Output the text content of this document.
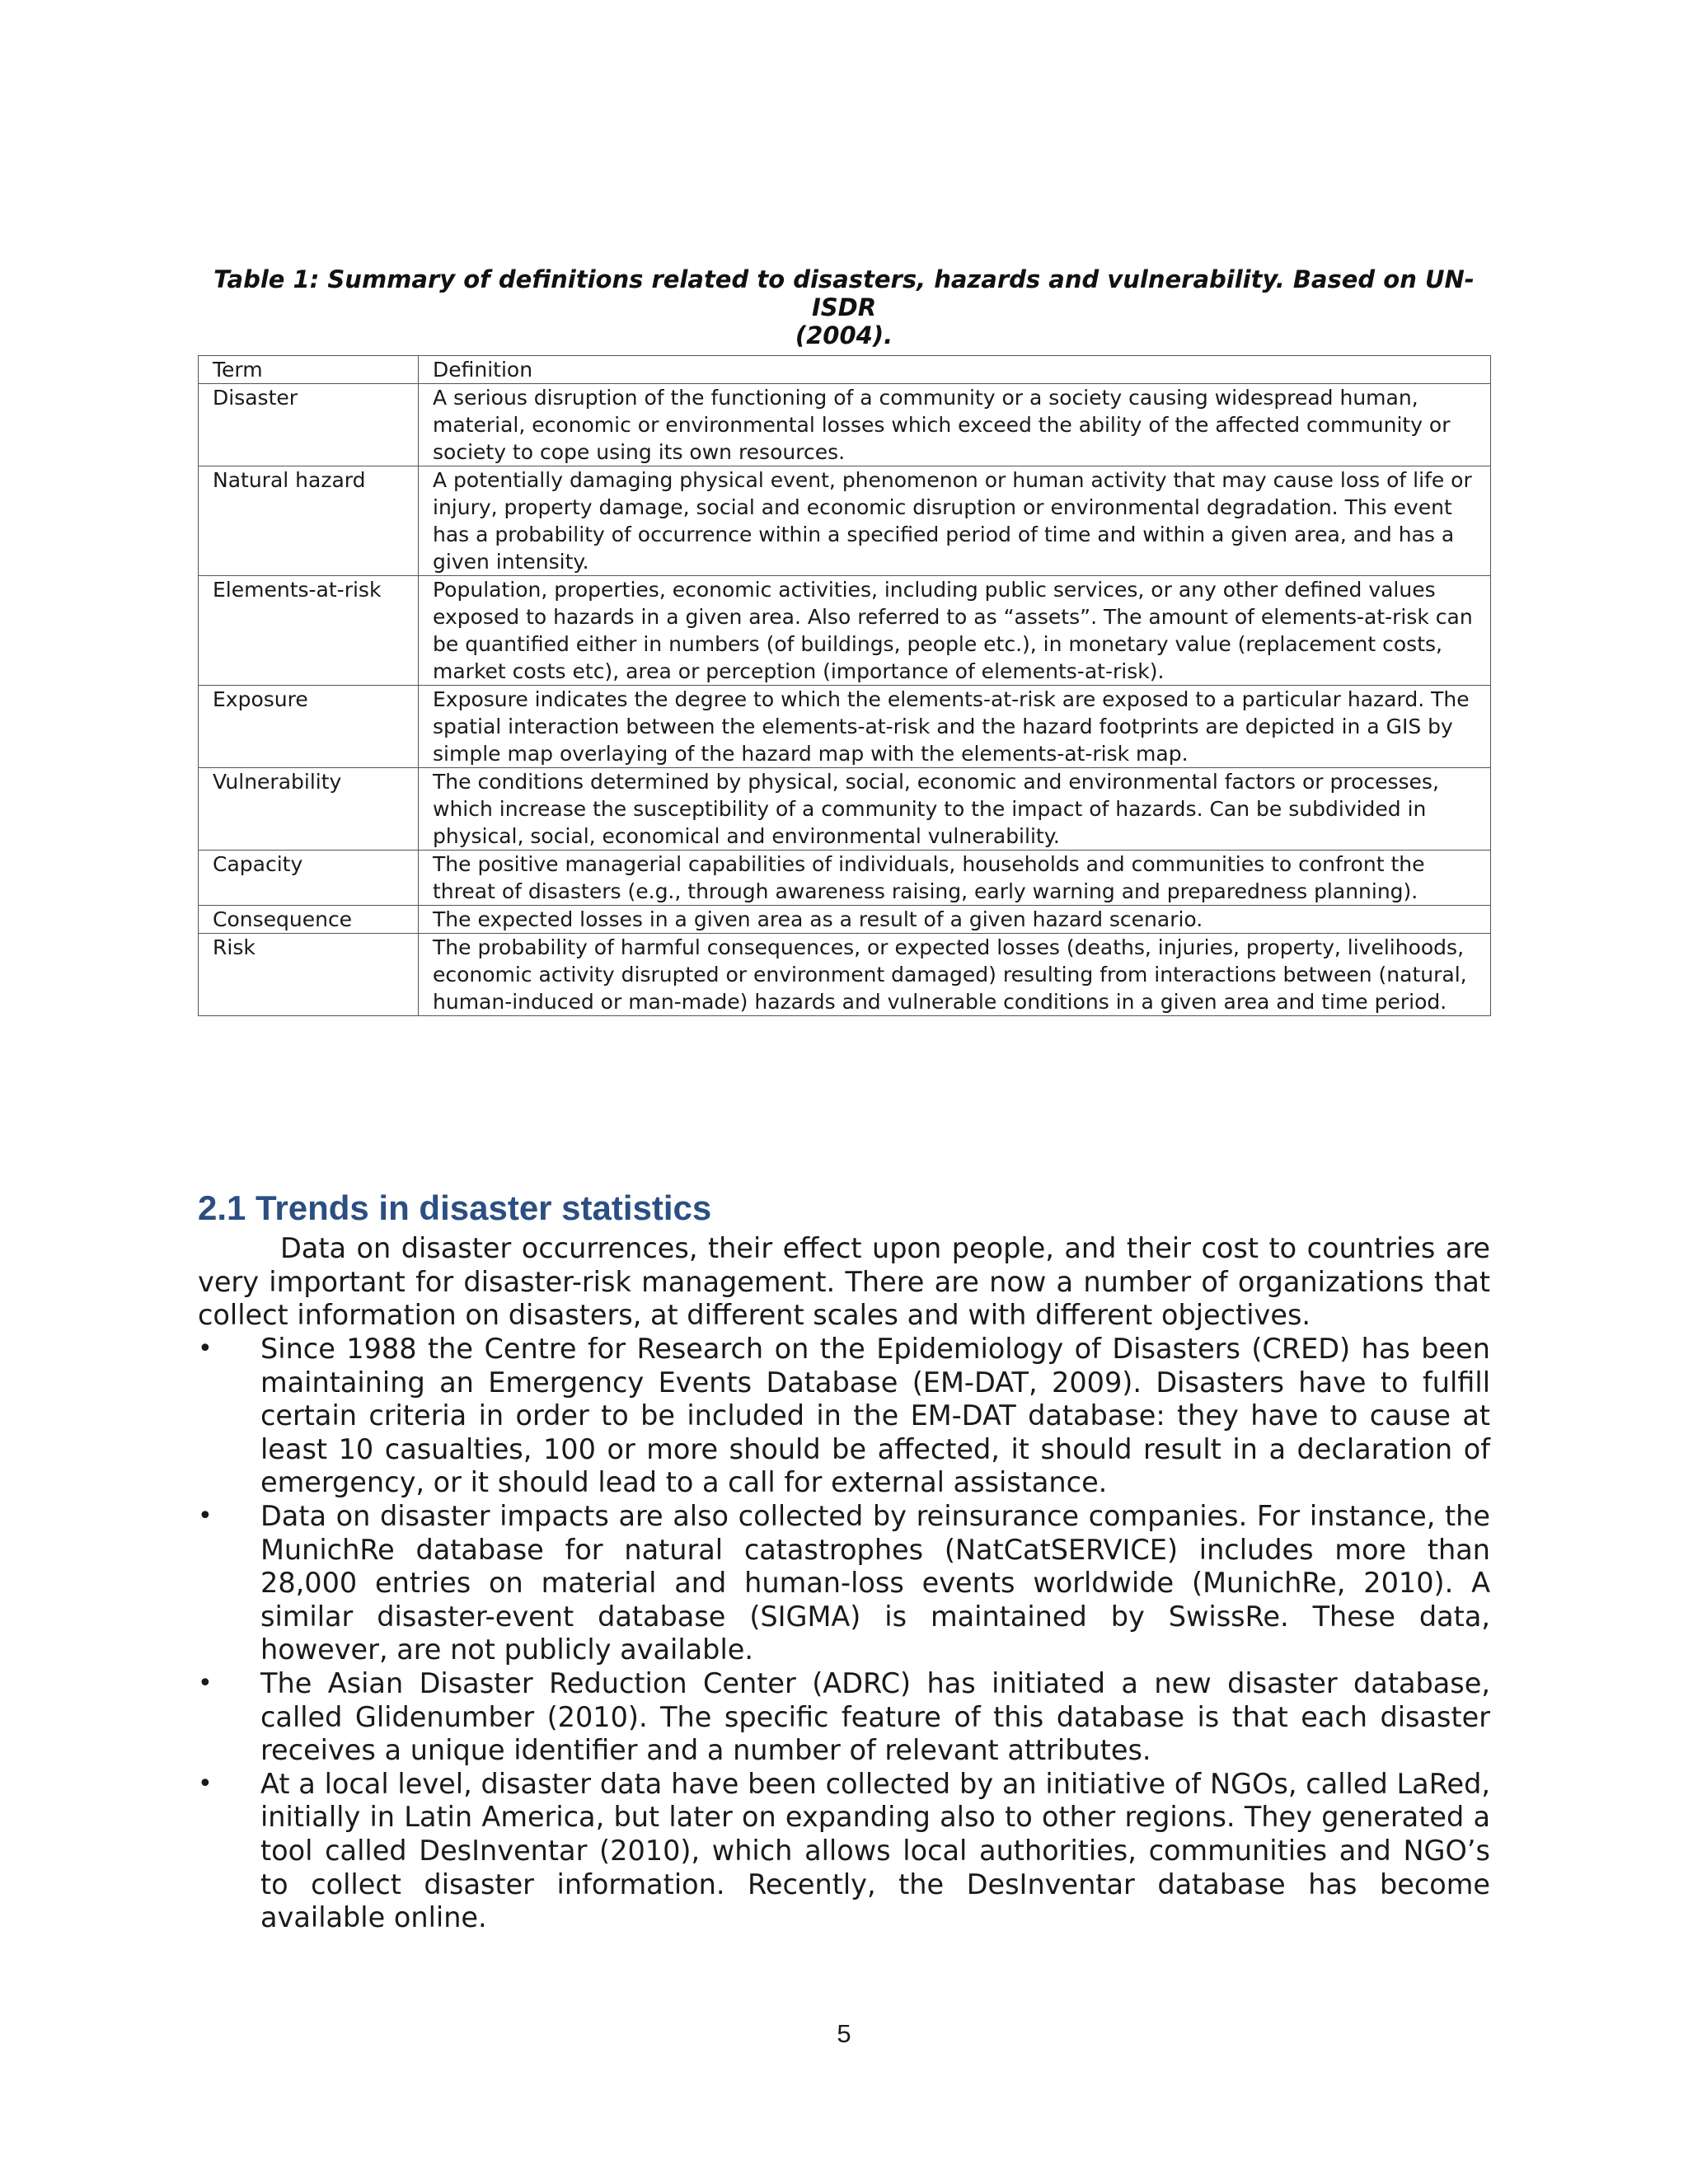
Table 1: Summary of definitions related to disasters, hazards and vulnerability. Based on UN-ISDR
(2004).
Term	Definition
Disaster	A serious disruption of the functioning of a community or a society causing widespread human, material, economic or environmental losses which exceed the ability of the affected community or society to cope using its own resources.
Natural hazard	A potentially damaging physical event, phenomenon or human activity that may cause loss of life or injury, property damage, social and economic disruption or environmental degradation. This event has a probability of occurrence within a specified period of time and within a given area, and has a given intensity.
Elements-at-risk	Population, properties, economic activities, including public services, or any other defined values exposed to hazards in a given area. Also referred to as “assets”. The amount of elements-at-risk can be quantified either in numbers (of buildings, people etc.), in monetary value (replacement costs, market costs etc), area or perception (importance of elements-at-risk).
Exposure	Exposure indicates the degree to which the elements-at-risk are exposed to a particular hazard. The spatial interaction between the elements-at-risk and the hazard footprints are depicted in a GIS by simple map overlaying of the hazard map with the elements-at-risk map.
Vulnerability	The conditions determined by physical, social, economic and environmental factors or processes, which increase the susceptibility of a community to the impact of hazards. Can be subdivided in physical, social, economical and environmental vulnerability.
Capacity	The positive managerial capabilities of individuals, households and communities to confront the threat of disasters (e.g., through awareness raising, early warning and preparedness planning).
Consequence	The expected losses in a given area as a result of a given hazard scenario.
Risk	The probability of harmful consequences, or expected losses (deaths, injuries, property, livelihoods, economic activity disrupted or environment damaged) resulting from interactions between (natural, human-induced or man-made) hazards and vulnerable conditions in a given area and time period.
2.1 Trends in disaster statistics

Data on disaster occurrences, their effect upon people, and their cost to countries are very important for disaster-risk management. There are now a number of organizations that collect information on disasters, at different scales and with different objectives.

• Since 1988 the Centre for Research on the Epidemiology of Disasters (CRED) has been maintaining an Emergency Events Database (EM-DAT, 2009). Disasters have to fulfill certain criteria in order to be included in the EM-DAT database: they have to cause at least 10 casualties, 100 or more should be affected, it should result in a declaration of emergency, or it should lead to a call for external assistance.
• Data on disaster impacts are also collected by reinsurance companies. For instance, the MunichRe database for natural catastrophes (NatCatSERVICE) includes more than 28,000 entries on material and human-loss events worldwide (MunichRe, 2010). A similar disaster-event database (SIGMA) is maintained by SwissRe. These data, however, are not publicly available.
• The Asian Disaster Reduction Center (ADRC) has initiated a new disaster database, called Glidenumber (2010). The specific feature of this database is that each disaster receives a unique identifier and a number of relevant attributes.
• At a local level, disaster data have been collected by an initiative of NGOs, called LaRed, initially in Latin America, but later on expanding also to other regions. They generated a tool called DesInventar (2010), which allows local authorities, communities and NGO’s to collect disaster information. Recently, the DesInventar database has become available online.
5
